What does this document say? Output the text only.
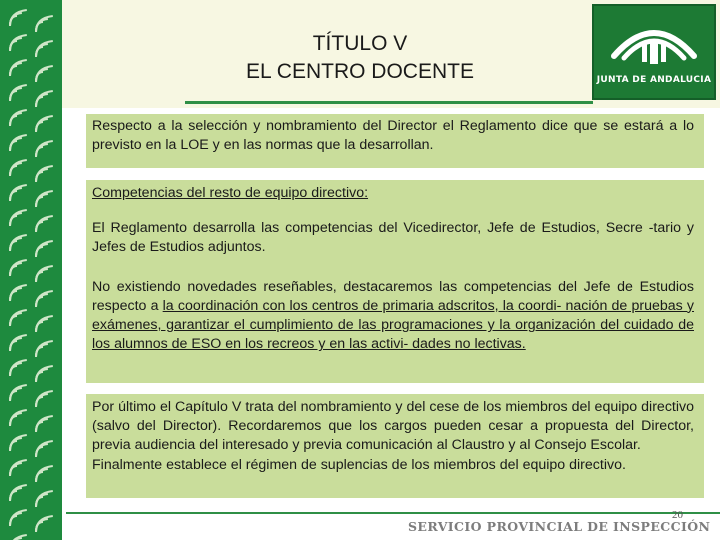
TÍTULO V
EL CENTRO DOCENTE	JUNTA DE ANDALUCIA

Respecto a la selección y nombramiento del Director el Reglamento dice que se estará a lo previsto en la LOE y en las normas que la desarrollan.

Competencias del resto de equipo directivo:

El Reglamento desarrolla las competencias del Vicedirector, Jefe de Estudios, Secre -tario y Jefes de Estudios adjuntos.

No existiendo novedades reseñables, destacaremos las competencias del Jefe de Estudios respecto a la coordinación con los centros de primaria adscritos, la coordi- nación de pruebas y exámenes, garantizar el cumplimiento de las programaciones y la organización del cuidado de los alumnos de ESO en los recreos y en las activi- dades no lectivas.

Por último el Capítulo V trata del nombramiento y del cese de los miembros del equipo directivo (salvo del Director). Recordaremos que los cargos pueden cesar a propuesta del Director, previa audiencia del interesado y previa comunicación al Claustro y al Consejo Escolar.

Finalmente establece el régimen de suplencias de los miembros del equipo directivo.

SERVICIO PROVINCIAL DE INSPECCIÓN
20
